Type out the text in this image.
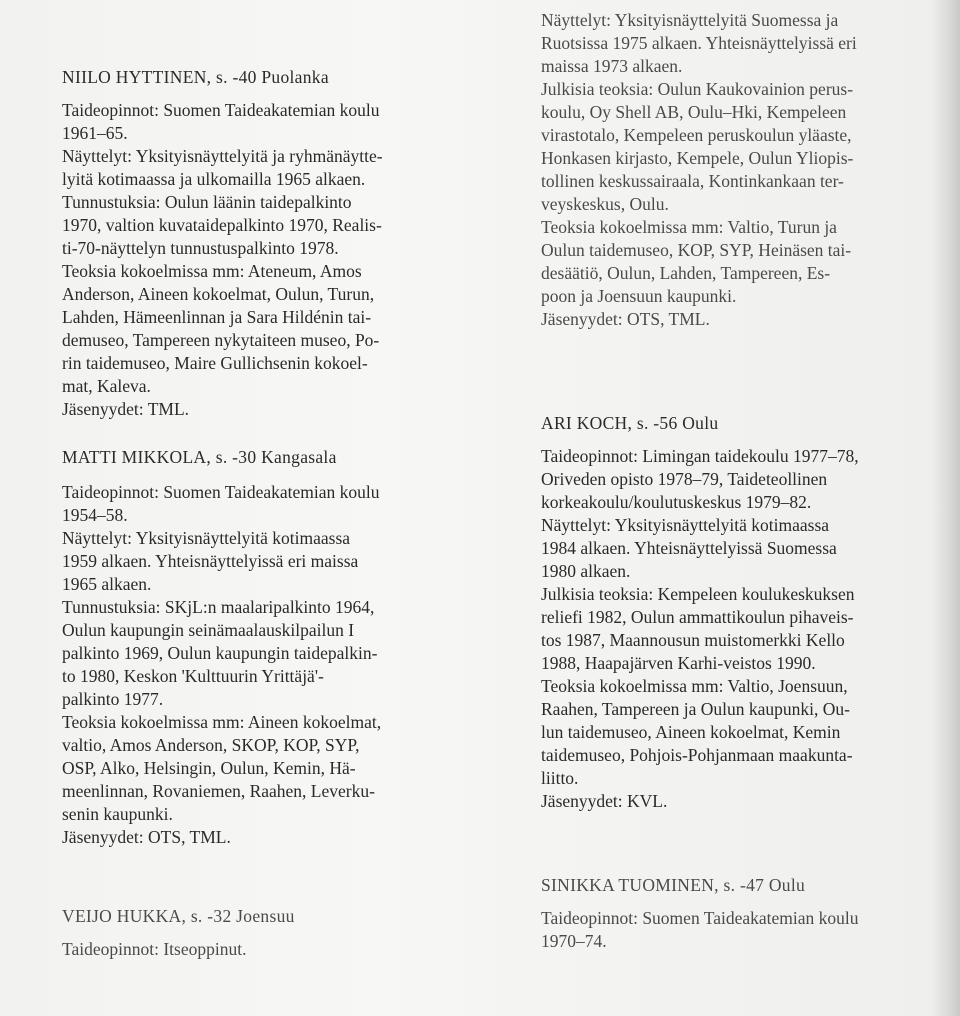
NIILO HYTTINEN, s. -40 Puolanka
Taideopinnot: Suomen Taideakatemian koulu
1961–65.
Näyttelyt: Yksityisnäyttelyitä ja ryhmänäytte-
lyitä kotimaassa ja ulkomailla 1965 alkaen.
Tunnustuksia: Oulun läänin taidepalkinto
1970, valtion kuvataidepalkinto 1970, Realis-
ti-70-näyttelyn tunnustuspalkinto 1978.
Teoksia kokoelmissa mm: Ateneum, Amos
Anderson, Aineen kokoelmat, Oulun, Turun,
Lahden, Hämeenlinnan ja Sara Hildénin tai-
demuseo, Tampereen nykytaiteen museo, Po-
rin taidemuseo, Maire Gullichsenin kokoel-
mat, Kaleva.
Jäsenyydet: TML.
MATTI MIKKOLA, s. -30 Kangasala
Taideopinnot: Suomen Taideakatemian koulu
1954–58.
Näyttelyt: Yksityisnäyttelyitä kotimaassa
1959 alkaen. Yhteisnäyttelyissä eri maissa
1965 alkaen.
Tunnustuksia: SKjL:n maalaripalkinto 1964,
Oulun kaupungin seinämaalauskilpailun I
palkinto 1969, Oulun kaupungin taidepalkin-
to 1980, Keskon 'Kulttuurin Yrittäjä'-
palkinto 1977.
Teoksia kokoelmissa mm: Aineen kokoelmat,
valtio, Amos Anderson, SKOP, KOP, SYP,
OSP, Alko, Helsingin, Oulun, Kemin, Hä-
meenlinnan, Rovaniemen, Raahen, Leverku-
senin kaupunki.
Jäsenyydet: OTS, TML.
VEIJO HUKKA, s. -32 Joensuu
Taideopinnot: Itseoppinut.
Näyttelyt: Yksityisnäyttelyitä Suomessa ja
Ruotsissa 1975 alkaen. Yhteisnäyttelyissä eri
maissa 1973 alkaen.
Julkisia teoksia: Oulun Kaukovainion perus-
koulu, Oy Shell AB, Oulu–Hki, Kempeleen
virastotalo, Kempeleen peruskoulun yläaste,
Honkasen kirjasto, Kempele, Oulun Yliopis-
tollinen keskussairaala, Kontinkankaan ter-
veyskeskus, Oulu.
Teoksia kokoelmissa mm: Valtio, Turun ja
Oulun taidemuseo, KOP, SYP, Heinäsen tai-
desäätiö, Oulun, Lahden, Tampereen, Es-
poon ja Joensuun kaupunki.
Jäsenyydet: OTS, TML.
ARI KOCH, s. -56 Oulu
Taideopinnot: Limingan taidekoulu 1977–78,
Oriveden opisto 1978–79, Taideteollinen
korkeakoulu/koulutuskeskus 1979–82.
Näyttelyt: Yksityisnäyttelyitä kotimaassa
1984 alkaen. Yhteisnäyttelyissä Suomessa
1980 alkaen.
Julkisia teoksia: Kempeleen koulukeskuksen
reliefi 1982, Oulun ammattikoulun pihaveis-
tos 1987, Maannousun muistomerkki Kello
1988, Haapajärven Karhi-veistos 1990.
Teoksia kokoelmissa mm: Valtio, Joensuun,
Raahen, Tampereen ja Oulun kaupunki, Ou-
lun taidemuseo, Aineen kokoelmat, Kemin
taidemuseo, Pohjois-Pohjanmaan maakunta-
liitto.
Jäsenyydet: KVL.
SINIKKA TUOMINEN, s. -47 Oulu
Taideopinnot: Suomen Taideakatemian koulu
1970–74.
